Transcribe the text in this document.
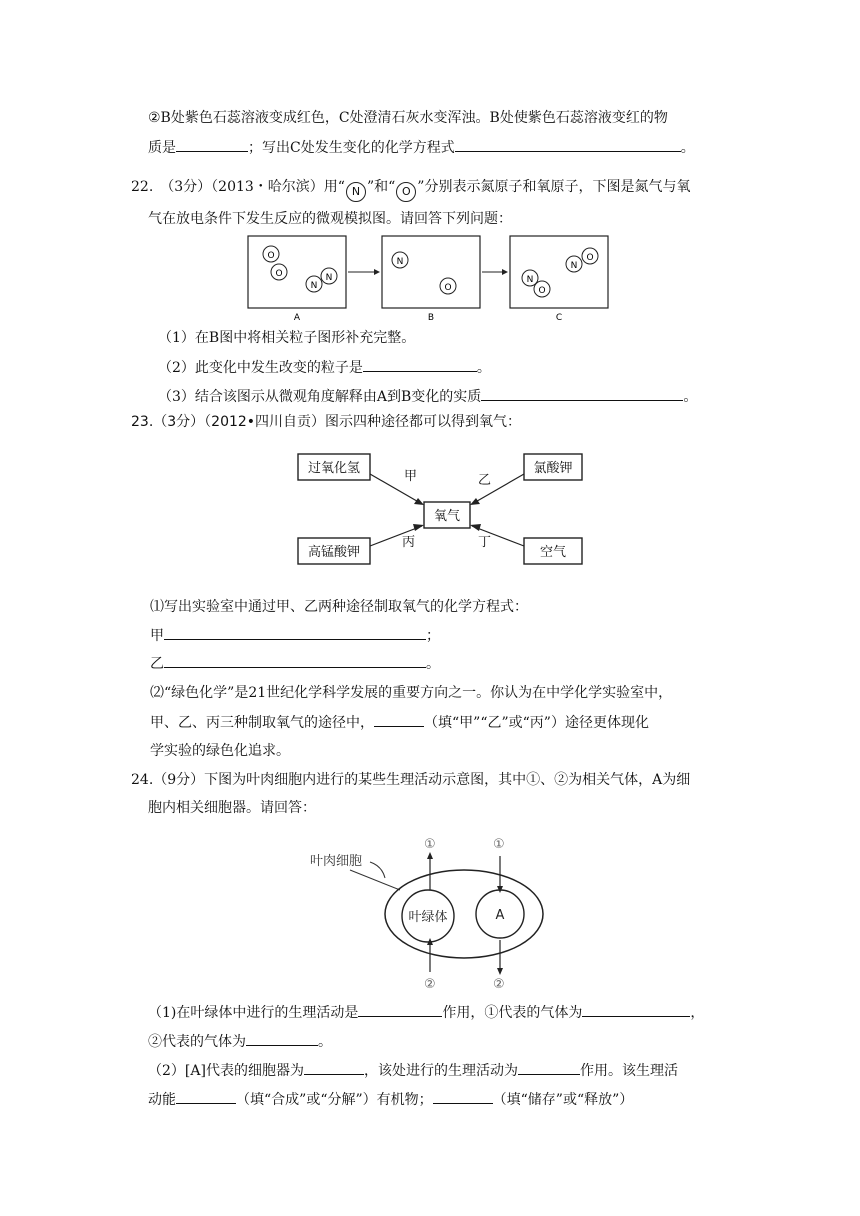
②B处紫色石蕊溶液变成红色，C处澄清石灰水变浑浊。B处使紫色石蕊溶液变红的物
质是	；写出C处发生变化的化学方程式	。
22.　（3分）（2013・哈尔滨）用“ N ”和“ O ”分别表示氮原子和氧原子，下图是氮气与氧
气在放电条件下发生反应的微观模拟图。请回答下列问题：
O
O
N
N
N
O
N
O
N
O
A	B	C
（1）在B图中将相关粒子图形补充完整。
（2）此变化中发生改变的粒子是	。
（3）结合该图示从微观角度解释由A到B变化的实质	。
23.（3分）（2012•四川自贡）图示四种途径都可以得到氧气：
过氧化氢	氯酸钾
氧气
高锰酸钾	空气
甲	乙
丙	丁
⑴写出实验室中通过甲、乙两种途径制取氧气的化学方程式：
甲	；
乙	。
⑵“绿色化学”是21世纪化学科学发展的重要方向之一。你认为在中学化学实验室中，
甲、乙、丙三种制取氧气的途径中，	（填“甲”“乙”或“丙”）途径更体现化
学实验的绿色化追求。
24.（9分）下图为叶肉细胞内进行的某些生理活动示意图，其中①、②为相关气体，A为细
胞内相关细胞器。请回答：
叶肉细胞
叶绿体	A
①	①
②	②
（1)在叶绿体中进行的生理活动是	作用，①代表的气体为	，
②代表的气体为	。
（2）[A]代表的细胞器为	，该处进行的生理活动为	作用。该生理活
动能	（填“合成”或“分解”）有机物；	（填“储存”或“释放”）
